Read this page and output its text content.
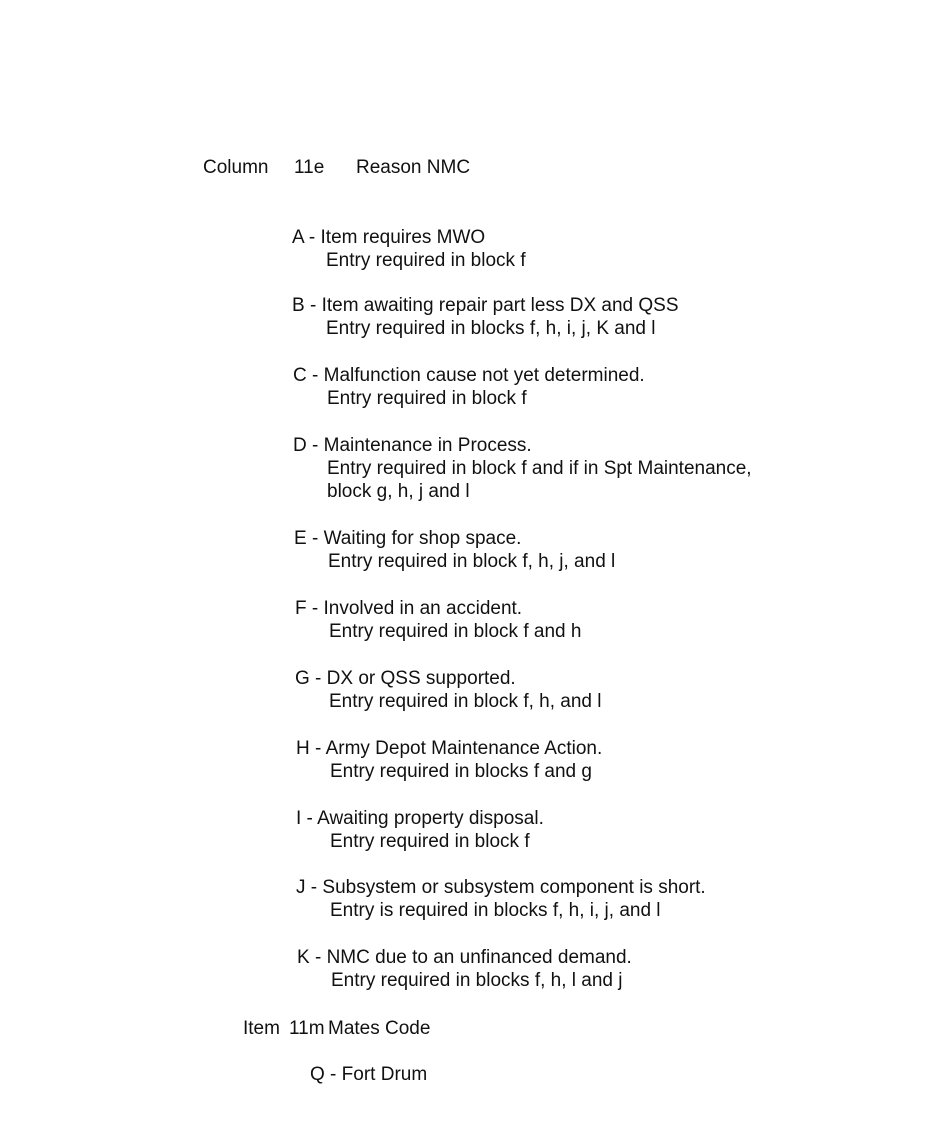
Column 11e Reason NMC
A - Item requires MWO
Entry required in block f
B - Item awaiting repair part less DX and QSS
Entry required in blocks f, h, i, j, K and l
C - Malfunction cause not yet determined.
Entry required in block f
D - Maintenance in Process.
Entry required in block f and if in Spt Maintenance,
block g, h, j and l
E - Waiting for shop space.
Entry required in block f, h, j, and l
F - Involved in an accident.
Entry required in block f and h
G - DX or QSS supported.
Entry required in block f, h, and l
H - Army Depot Maintenance Action.
Entry required in blocks f and g
I - Awaiting property disposal.
Entry required in block f
J - Subsystem or subsystem component is short.
Entry is required in blocks f, h, i, j, and l
K - NMC due to an unfinanced demand.
Entry required in blocks f, h, l and j
Item 11m Mates Code
Q - Fort Drum
